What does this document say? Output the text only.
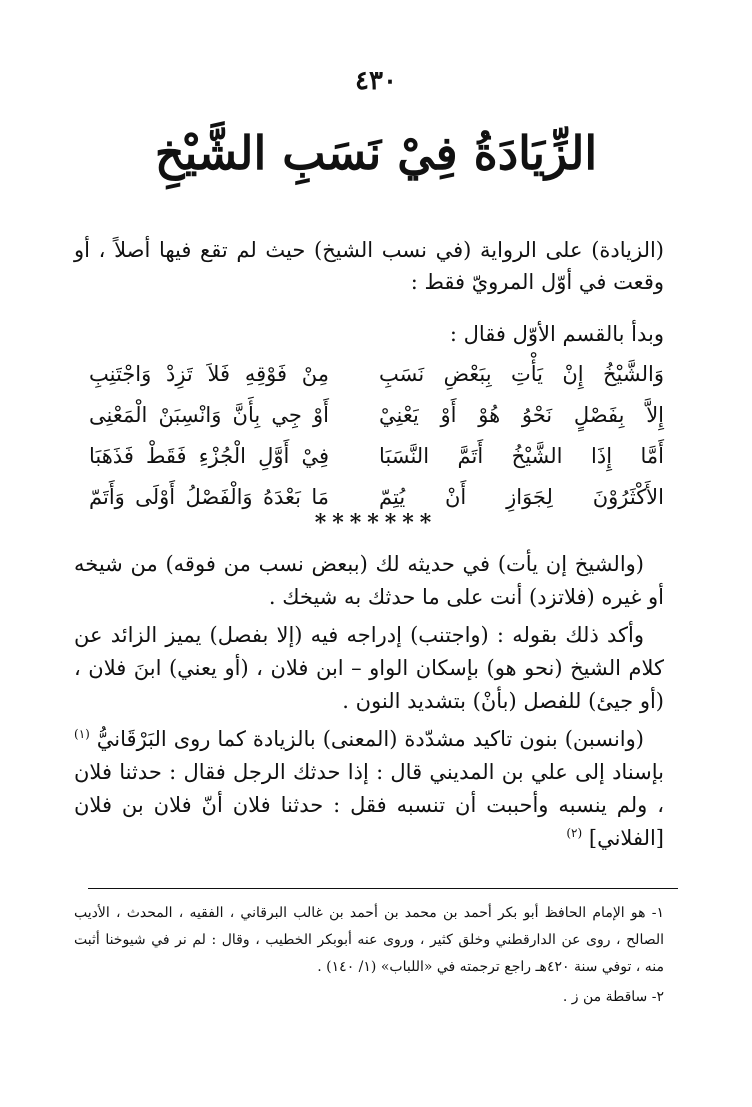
٤٣٠
الزِّيَادَةُ فِيْ نَسَبِ الشَّيْخِ
(الزيادة) على الرواية (في نسب الشيخ) حيث لم تقع فيها أصلاً ، أو وقعت في أوّل المرويّ فقط :
وبدأ بالقسم الأوّل فقال :
وَالشَّيْخُ إِنْ يَأْتِ بِبَعْضِ نَسَبِ
مِنْ فَوْقِهِ فَلاَ تَزِدْ وَاجْتَنِبِ
إِلاَّ بِفَصْلٍ نَحْوُ هُوْ أَوْ يَعْنِيْ
أَوْ جِي بِأَنَّ وَانْسِبَنْ الْمَعْنِى
أَمَّا إِذَا الشَّيْخُ أَتَمَّ النَّسَبَا
فِيْ أَوَّلِ الْجُزْءِ فَقَطْ فَذَهَبَا
الأَكْثَرُوْنَ لِجَوَازِ أَنْ يُتِمّ
مَا بَعْدَهُ وَالْفَصْلُ أَوْلَى وَأَتَمّ
*******

(والشيخ إن يأت) في حديثه لك (ببعض نسب من فوقه) من شيخه أو غيره (فلاتزد) أنت على ما حدثك به شيخك .

وأكد ذلك بقوله : (واجتنب) إدراجه فيه (إلا بفصل) يميز الزائد عن كلام الشيخ (نحو هو) بإسكان الواو – ابن فلان ، (أو يعني) ابنَ فلان ، (أو جيئ) للفصل (بأنْ) بتشديد النون .

(وانسبن) بنون تاكيد مشدّدة (المعنى) بالزيادة كما روى البَرْقَانيُّ $^{(١)}$ بإسناد إلى علي بن المديني قال : إذا حدثك الرجل فقال : حدثنا فلان ، ولم ينسبه وأحببت أن تنسبه فقل : حدثنا فلان أنّ فلان بن فلان [الفلاني] $^{(٢)}$

١- هو الإمام الحافظ أبو بكر أحمد بن محمد بن أحمد بن غالب البرقاني ، الفقيه ، المحدث ، الأديب الصالح ، روى عن الدارقطني وخلق كثير ، وروى عنه أبوبكر الخطيب ، وقال : لم نر في شيوخنا أثبت منه ، توفي سنة ٤٢٠هـ راجع ترجمته في «اللباب» (١/ ١٤٠) .
٢- ساقطة من ز .
